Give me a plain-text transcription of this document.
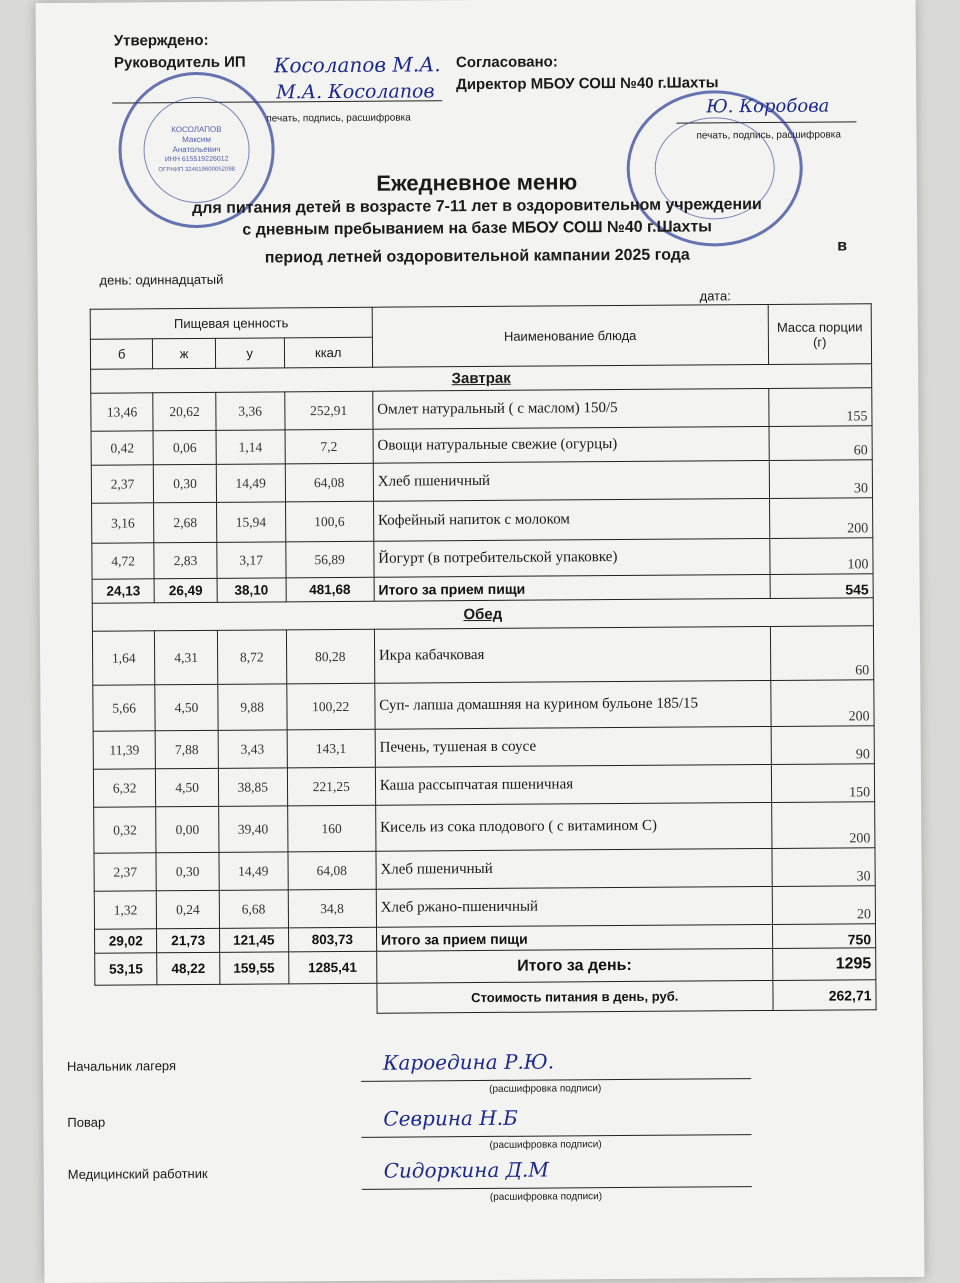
Утверждено:
Руководитель ИП Косолапов М.А.
М.А. Косолапов
печать, подпись, расшифровка
КОСОЛАПОВ Максим Анатольевич
ИНН 615519226012
ОГРНИП 324619600052098
Согласовано:
Директор МБОУ СОШ №40 г.Шахты
Ю. Коробова
печать, подпись, расшифровка
Ежедневное меню
для питания детей в возрасте 7-11 лет в оздоровительном учреждении
с дневным пребыванием на базе МБОУ СОШ №40 г.Шахты
период летней оздоровительной кампании 2025 года
в
день: одиннадцатый
дата:
Пищевая ценность				Наименование блюда	Масса порции (г)
б	ж	у	ккал		
Завтрак					
13,46	20,62	3,36	252,91	Омлет натуральный ( с маслом) 150/5	155
0,42	0,06	1,14	7,2	Овощи натуральные свежие (огурцы)	60
2,37	0,30	14,49	64,08	Хлеб пшеничный	30
3,16	2,68	15,94	100,6	Кофейный напиток с молоком	200
4,72	2,83	3,17	56,89	Йогурт (в потребительской упаковке)	100
24,13	26,49	38,10	481,68	Итого за прием пищи	545
Обед					
1,64	4,31	8,72	80,28	Икра кабачковая	60
5,66	4,50	9,88	100,22	Суп- лапша домашняя на курином бульоне 185/15	200
11,39	7,88	3,43	143,1	Печень, тушеная в соусе	90
6,32	4,50	38,85	221,25	Каша рассыпчатая пшеничная	150
0,32	0,00	39,40	160	Кисель из сока плодового ( с витамином С)	200
2,37	0,30	14,49	64,08	Хлеб пшеничный	30
1,32	0,24	6,68	34,8	Хлеб ржано-пшеничный	20
29,02	21,73	121,45	803,73	Итого за прием пищи	750
53,15	48,22	159,55	1285,41	Итого за день:	1295
				Стоимость питания в день, руб.	262,71
Начальник лагеря	Кароедина Р.Ю.
(расшифровка подписи)
Повар	Севрина Н.Б
(расшифровка подписи)
Медицинский работник	Сидоркина Д.М
(расшифровка подписи)
